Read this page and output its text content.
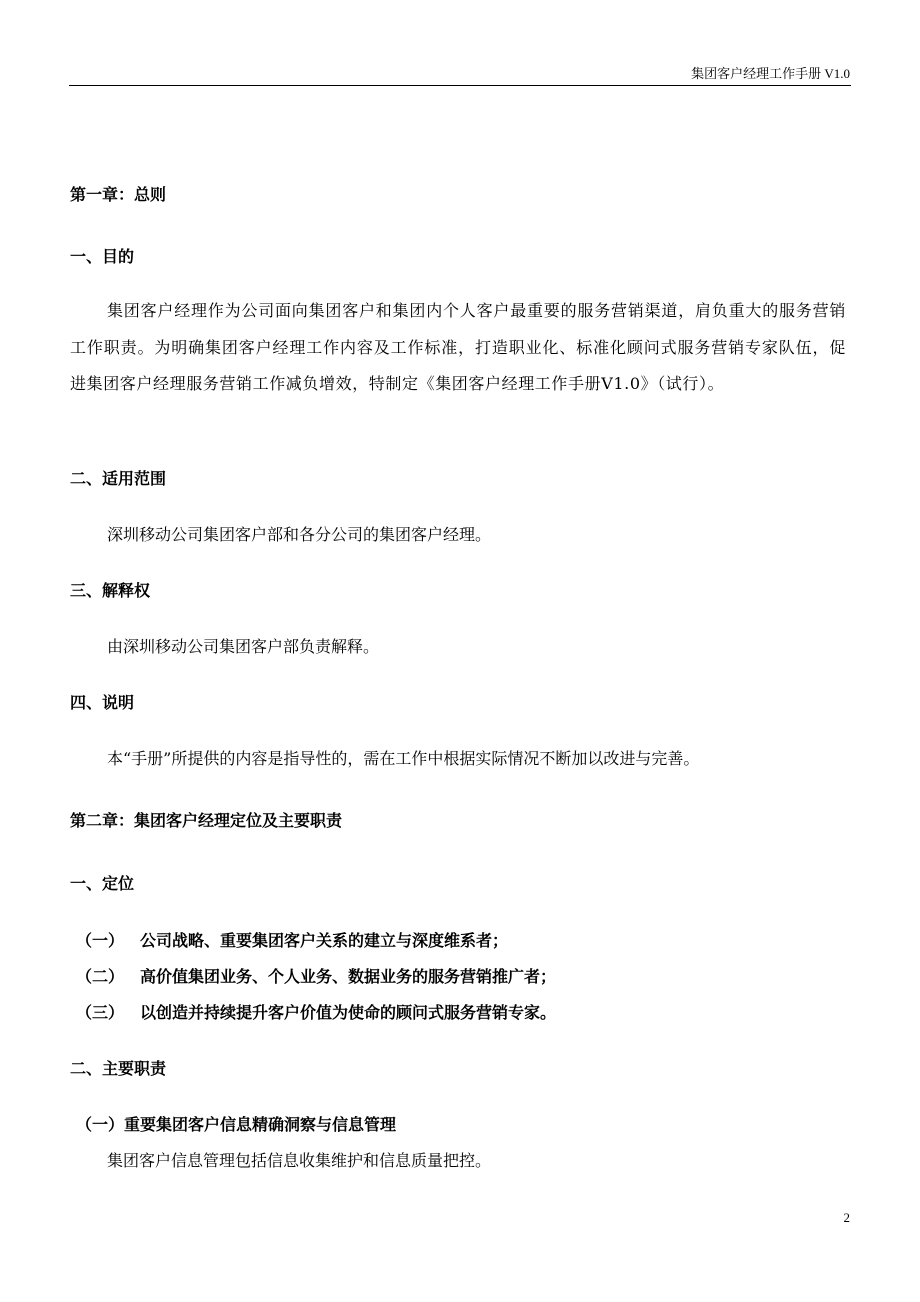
集团客户经理工作手册 V1.0
第一章：总则
一、目的
集团客户经理作为公司面向集团客户和集团内个人客户最重要的服务营销渠道，肩负重大的服务营销工作职责。为明确集团客户经理工作内容及工作标准，打造职业化、标准化顾问式服务营销专家队伍，促进集团客户经理服务营销工作减负增效，特制定《集团客户经理工作手册V1.0》（试行）。
二、适用范围
深圳移动公司集团客户部和各分公司的集团客户经理。
三、解释权
由深圳移动公司集团客户部负责解释。
四、说明
本“手册”所提供的内容是指导性的，需在工作中根据实际情况不断加以改进与完善。
第二章：集团客户经理定位及主要职责
一、定位
（一） 公司战略、重要集团客户关系的建立与深度维系者；
（二） 高价值集团业务、个人业务、数据业务的服务营销推广者；
（三） 以创造并持续提升客户价值为使命的顾问式服务营销专家。
二、主要职责
（一）重要集团客户信息精确洞察与信息管理
集团客户信息管理包括信息收集维护和信息质量把控。
2
